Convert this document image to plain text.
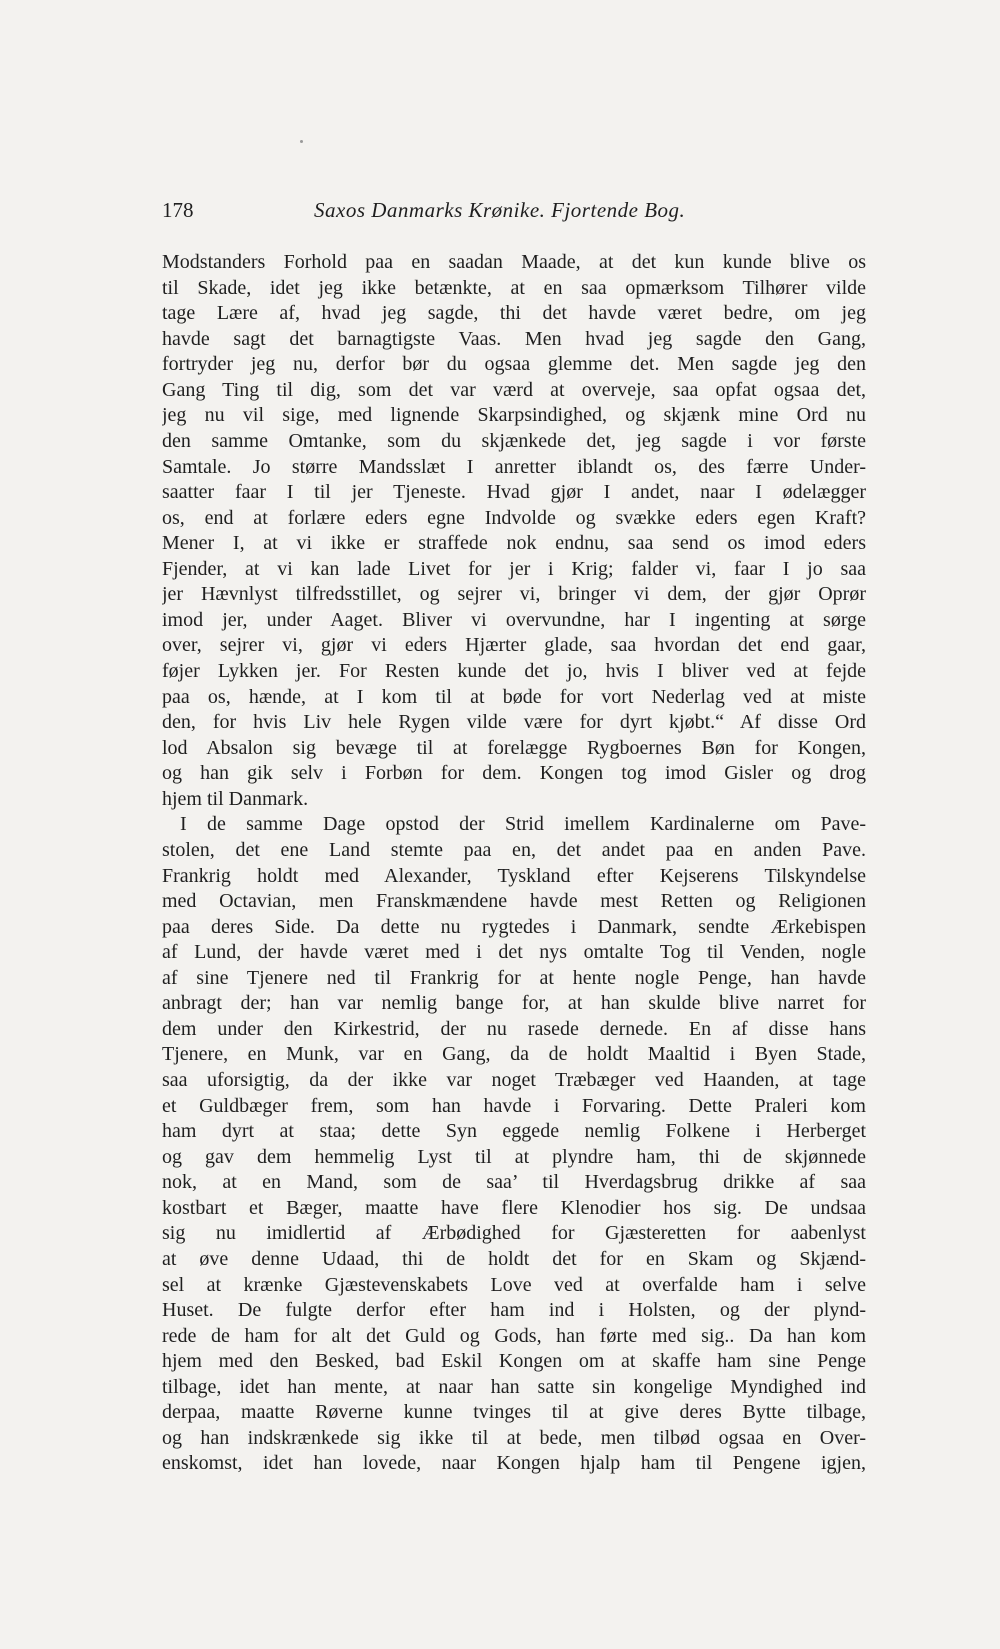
178	Saxos Danmarks Krønike. Fjortende Bog.
Modstanders Forhold paa en saadan Maade, at det kun kunde blive os
til Skade, idet jeg ikke betænkte, at en saa opmærksom Tilhører vilde
tage Lære af, hvad jeg sagde, thi det havde været bedre, om jeg
havde sagt det barnagtigste Vaas. Men hvad jeg sagde den Gang,
fortryder jeg nu, derfor bør du ogsaa glemme det. Men sagde jeg den
Gang Ting til dig, som det var værd at overveje, saa opfat ogsaa det,
jeg nu vil sige, med lignende Skarpsindighed, og skjænk mine Ord nu
den samme Omtanke, som du skjænkede det, jeg sagde i vor første
Samtale. Jo større Mandsslæt I anretter iblandt os, des færre Under-
saatter faar I til jer Tjeneste. Hvad gjør I andet, naar I ødelægger
os, end at forlære eders egne Indvolde og svække eders egen Kraft?
Mener I, at vi ikke er straffede nok endnu, saa send os imod eders
Fjender, at vi kan lade Livet for jer i Krig; falder vi, faar I jo saa
jer Hævnlyst tilfredsstillet, og sejrer vi, bringer vi dem, der gjør Oprør
imod jer, under Aaget. Bliver vi overvundne, har I ingenting at sørge
over, sejrer vi, gjør vi eders Hjærter glade, saa hvordan det end gaar,
føjer Lykken jer. For Resten kunde det jo, hvis I bliver ved at fejde
paa os, hænde, at I kom til at bøde for vort Nederlag ved at miste
den, for hvis Liv hele Rygen vilde være for dyrt kjøbt.“ Af disse Ord
lod Absalon sig bevæge til at forelægge Rygboernes Bøn for Kongen,
og han gik selv i Forbøn for dem. Kongen tog imod Gisler og drog
hjem til Danmark.
I de samme Dage opstod der Strid imellem Kardinalerne om Pave-
stolen, det ene Land stemte paa en, det andet paa en anden Pave.
Frankrig holdt med Alexander, Tyskland efter Kejserens Tilskyndelse
med Octavian, men Franskmændene havde mest Retten og Religionen
paa deres Side. Da dette nu rygtedes i Danmark, sendte Ærkebispen
af Lund, der havde været med i det nys omtalte Tog til Venden, nogle
af sine Tjenere ned til Frankrig for at hente nogle Penge, han havde
anbragt der; han var nemlig bange for, at han skulde blive narret for
dem under den Kirkestrid, der nu rasede dernede. En af disse hans
Tjenere, en Munk, var en Gang, da de holdt Maaltid i Byen Stade,
saa uforsigtig, da der ikke var noget Træbæger ved Haanden, at tage
et Guldbæger frem, som han havde i Forvaring. Dette Praleri kom
ham dyrt at staa; dette Syn eggede nemlig Folkene i Herberget
og gav dem hemmelig Lyst til at plyndre ham, thi de skjønnede
nok, at en Mand, som de saa’ til Hverdagsbrug drikke af saa
kostbart et Bæger, maatte have flere Klenodier hos sig. De undsaa
sig nu imidlertid af Ærbødighed for Gjæsteretten for aabenlyst
at øve denne Udaad, thi de holdt det for en Skam og Skjænd-
sel at krænke Gjæstevenskabets Love ved at overfalde ham i selve
Huset. De fulgte derfor efter ham ind i Holsten, og der plynd-
rede de ham for alt det Guld og Gods, han førte med sig.. Da han kom
hjem med den Besked, bad Eskil Kongen om at skaffe ham sine Penge
tilbage, idet han mente, at naar han satte sin kongelige Myndighed ind
derpaa, maatte Røverne kunne tvinges til at give deres Bytte tilbage,
og han indskrænkede sig ikke til at bede, men tilbød ogsaa en Over-
enskomst, idet han lovede, naar Kongen hjalp ham til Pengene igjen,
